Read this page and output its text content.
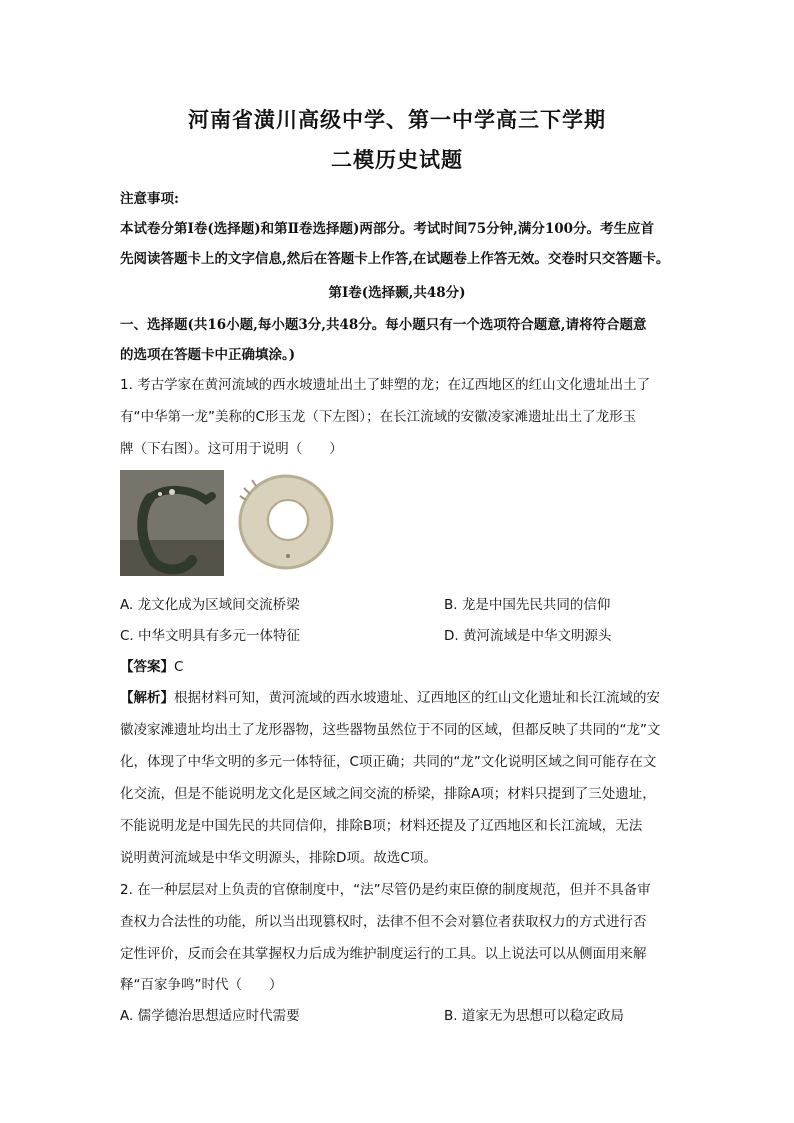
河南省潢川高级中学、第一中学高三下学期
二模历史试题
注意事项:
本试卷分第Ⅰ卷(选择题)和第Ⅱ卷选择题)两部分。考试时间75分钟,满分100分。考生应首
先阅读答题卡上的文字信息,然后在答题卡上作答,在试题卷上作答无效。交卷时只交答题卡。
第Ⅰ卷(选择颞,共48分)
一、选择题(共16小题,每小题3分,共48分。每小题只有一个选项符合题意,请将符合题意
的选项在答题卡中正确填涂。)
1. 考古学家在黄河流域的西水坡遗址出土了蚌塑的龙；在辽西地区的红山文化遗址出土了
有“中华第一龙”美称的C形玉龙（下左图）；在长江流域的安徽凌家滩遗址出土了龙形玉
牌（下右图）。这可用于说明（　　）
A. 龙文化成为区域间交流桥梁	B. 龙是中国先民共同的信仰
C. 中华文明具有多元一体特征	D. 黄河流域是中华文明源头
【答案】C
【解析】根据材料可知，黄河流域的西水坡遗址、辽西地区的红山文化遗址和长江流域的安
徽凌家滩遗址均出土了龙形器物，这些器物虽然位于不同的区域，但都反映了共同的“龙”文
化，体现了中华文明的多元一体特征，C项正确；共同的“龙”文化说明区域之间可能存在文
化交流，但是不能说明龙文化是区域之间交流的桥梁，排除A项；材料只提到了三处遗址，
不能说明龙是中国先民的共同信仰，排除B项；材料还提及了辽西地区和长江流域，无法
说明黄河流域是中华文明源头，排除D项。故选C项。
2. 在一种层层对上负责的官僚制度中，“法”尽管仍是约束臣僚的制度规范，但并不具备审
查权力合法性的功能，所以当出现篡权时，法律不但不会对篡位者获取权力的方式进行否
定性评价，反而会在其掌握权力后成为维护制度运行的工具。以上说法可以从侧面用来解
释“百家争鸣”时代（　　）
A. 儒学德治思想适应时代需要	B. 道家无为思想可以稳定政局
